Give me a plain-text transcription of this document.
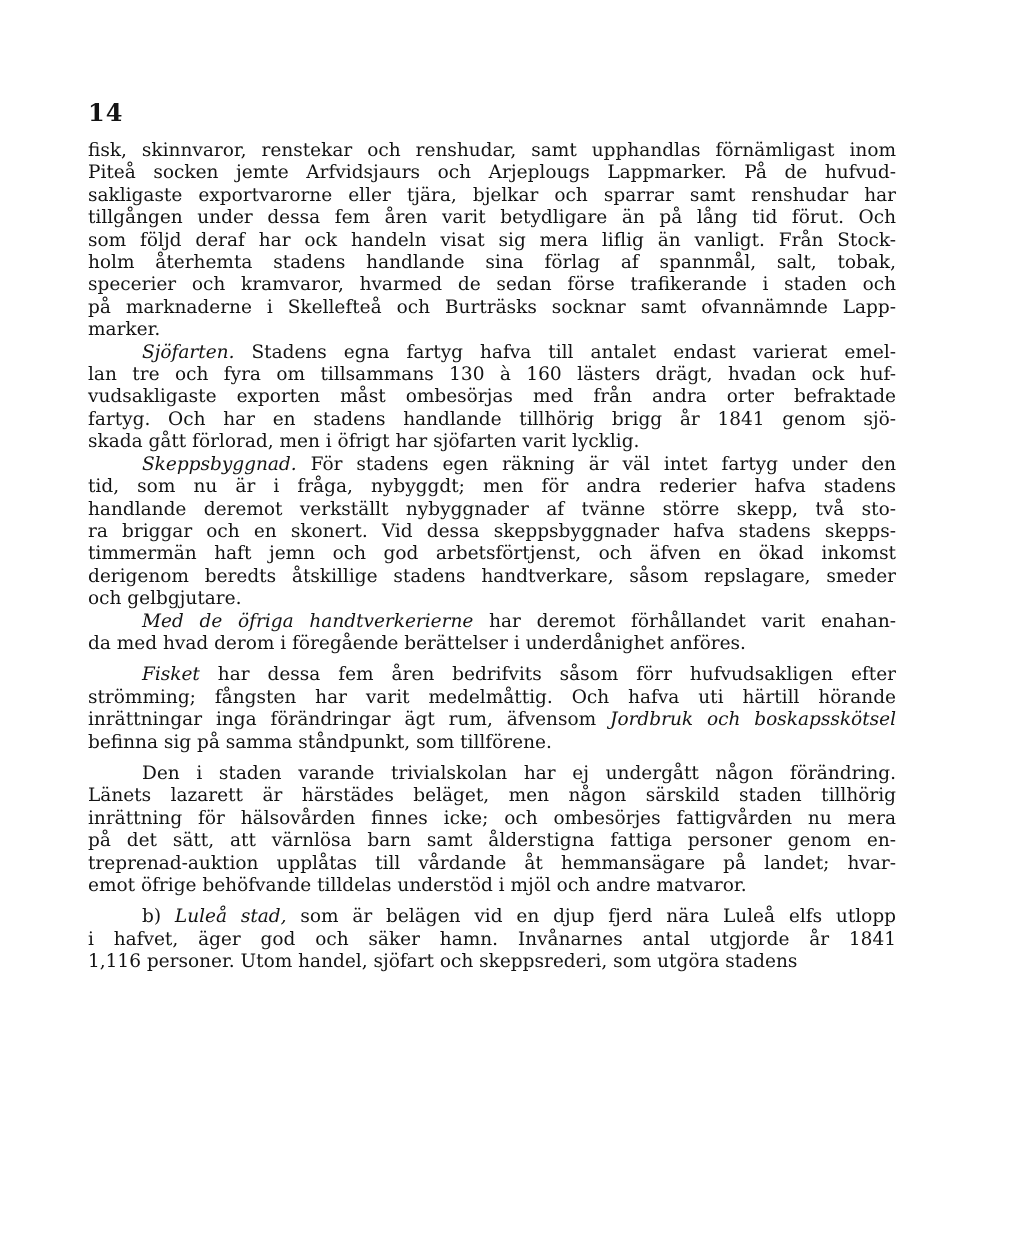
14

fisk, skinnvaror, renstekar och renshudar, samt upphandlas förnämligast inom

Piteå socken jemte Arfvidsjaurs och Arjeplougs Lappmarker. På de hufvud-

sakligaste exportvarorne eller tjära, bjelkar och sparrar samt renshudar har

tillgången under dessa fem åren varit betydligare än på lång tid förut. Och

som följd deraf har ock handeln visat sig mera liflig än vanligt. Från Stock-

holm återhemta stadens handlande sina förlag af spannmål, salt, tobak,

specerier och kramvaror, hvarmed de sedan förse trafikerande i staden och

på marknaderne i Skellefteå och Burträsks socknar samt ofvannämnde Lapp-

marker.

Sjöfarten. Stadens egna fartyg hafva till antalet endast varierat emel-

lan tre och fyra om tillsammans 130 à 160 lästers drägt, hvadan ock huf-

vudsakligaste exporten måst ombesörjas med från andra orter befraktade

fartyg. Och har en stadens handlande tillhörig brigg år 1841 genom sjö-

skada gått förlorad, men i öfrigt har sjöfarten varit lycklig.

Skeppsbyggnad. För stadens egen räkning är väl intet fartyg under den

tid, som nu är i fråga, nybyggdt; men för andra rederier hafva stadens

handlande deremot verkställt nybyggnader af tvänne större skepp, två sto-

ra briggar och en skonert. Vid dessa skeppsbyggnader hafva stadens skepps-

timmermän haft jemn och god arbetsförtjenst, och äfven en ökad inkomst

derigenom beredts åtskillige stadens handtverkare, såsom repslagare, smeder

och gelbgjutare.

Med de öfriga handtverkerierne har deremot förhållandet varit enahan-

da med hvad derom i föregående berättelser i underdånighet anföres.

Fisket har dessa fem åren bedrifvits såsom förr hufvudsakligen efter

strömming; fångsten har varit medelmåttig. Och hafva uti härtill hörande

inrättningar inga förändringar ägt rum, äfvensom Jordbruk och boskapsskötsel

befinna sig på samma ståndpunkt, som tillförene.

Den i staden varande trivialskolan har ej undergått någon förändring.

Länets lazarett är härstädes beläget, men någon särskild staden tillhörig

inrättning för hälsovården finnes icke; och ombesörjes fattigvården nu mera

på det sätt, att värnlösa barn samt ålderstigna fattiga personer genom en-

treprenad-auktion upplåtas till vårdande åt hemmansägare på landet; hvar-

emot öfrige behöfvande tilldelas understöd i mjöl och andre matvaror.

b) Luleå stad, som är belägen vid en djup fjerd nära Luleå elfs utlopp

i hafvet, äger god och säker hamn. Invånarnes antal utgjorde år 1841

1,116 personer. Utom handel, sjöfart och skeppsrederi, som utgöra stadens
